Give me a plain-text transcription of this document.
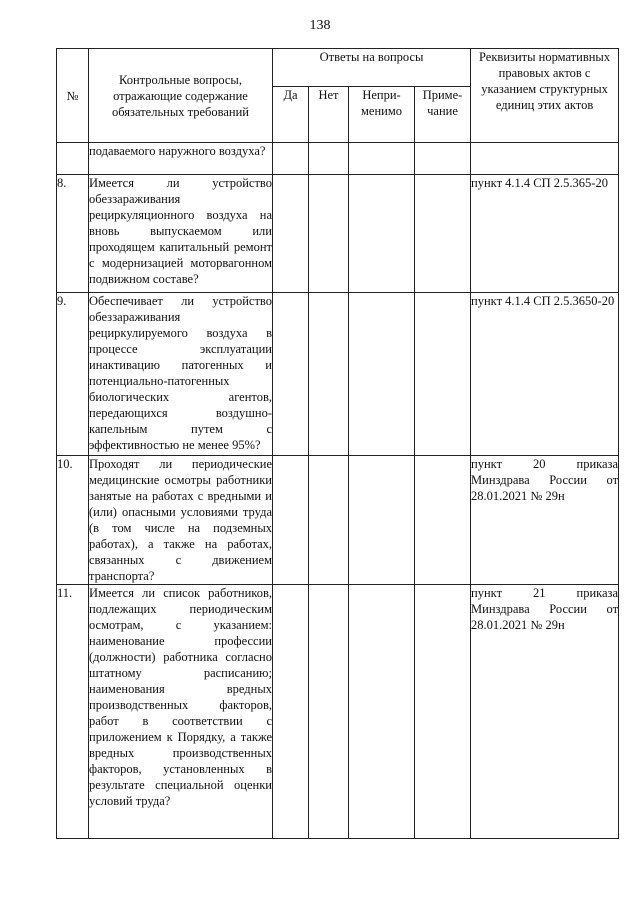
138
№	Контрольные вопросы, отражающие содержание обязательных требований	Ответы на вопросы				Реквизиты нормативных правовых актов с указанием структурных единиц этих актов
		Да	Нет	Непри- менимо	Приме- чание	
	подаваемого наружного воздуха?					
8.	Имеется ли устройство обеззараживания рециркуляционного воздуха на вновь выпускаемом или проходящем капитальный ремонт с модернизацией моторвагонном подвижном составе?					пункт 4.1.4 СП 2.5.365-20
9.	Обеспечивает ли устройство обеззараживания рециркулируемого воздуха в процессе эксплуатации инактивацию патогенных и потенциально-патогенных биологических агентов, передающихся воздушно-капельным путем с эффективностью не менее 95%?					пункт 4.1.4 СП 2.5.3650-20
10.	Проходят ли периодические медицинские осмотры работники занятые на работах с вредными и (или) опасными условиями труда (в том числе на подземных работах), а также на работах, связанных с движением транспорта?					пункт 20 приказа Минздрава России от 28.01.2021 № 29н
11.	Имеется ли список работников, подлежащих периодическим осмотрам, с указанием: наименование профессии (должности) работника согласно штатному расписанию; наименования вредных производственных факторов, работ в соответствии с приложением к Порядку, а также вредных производственных факторов, установленных в результате специальной оценки условий труда?					пункт 21 приказа Минздрава России от 28.01.2021 № 29н
